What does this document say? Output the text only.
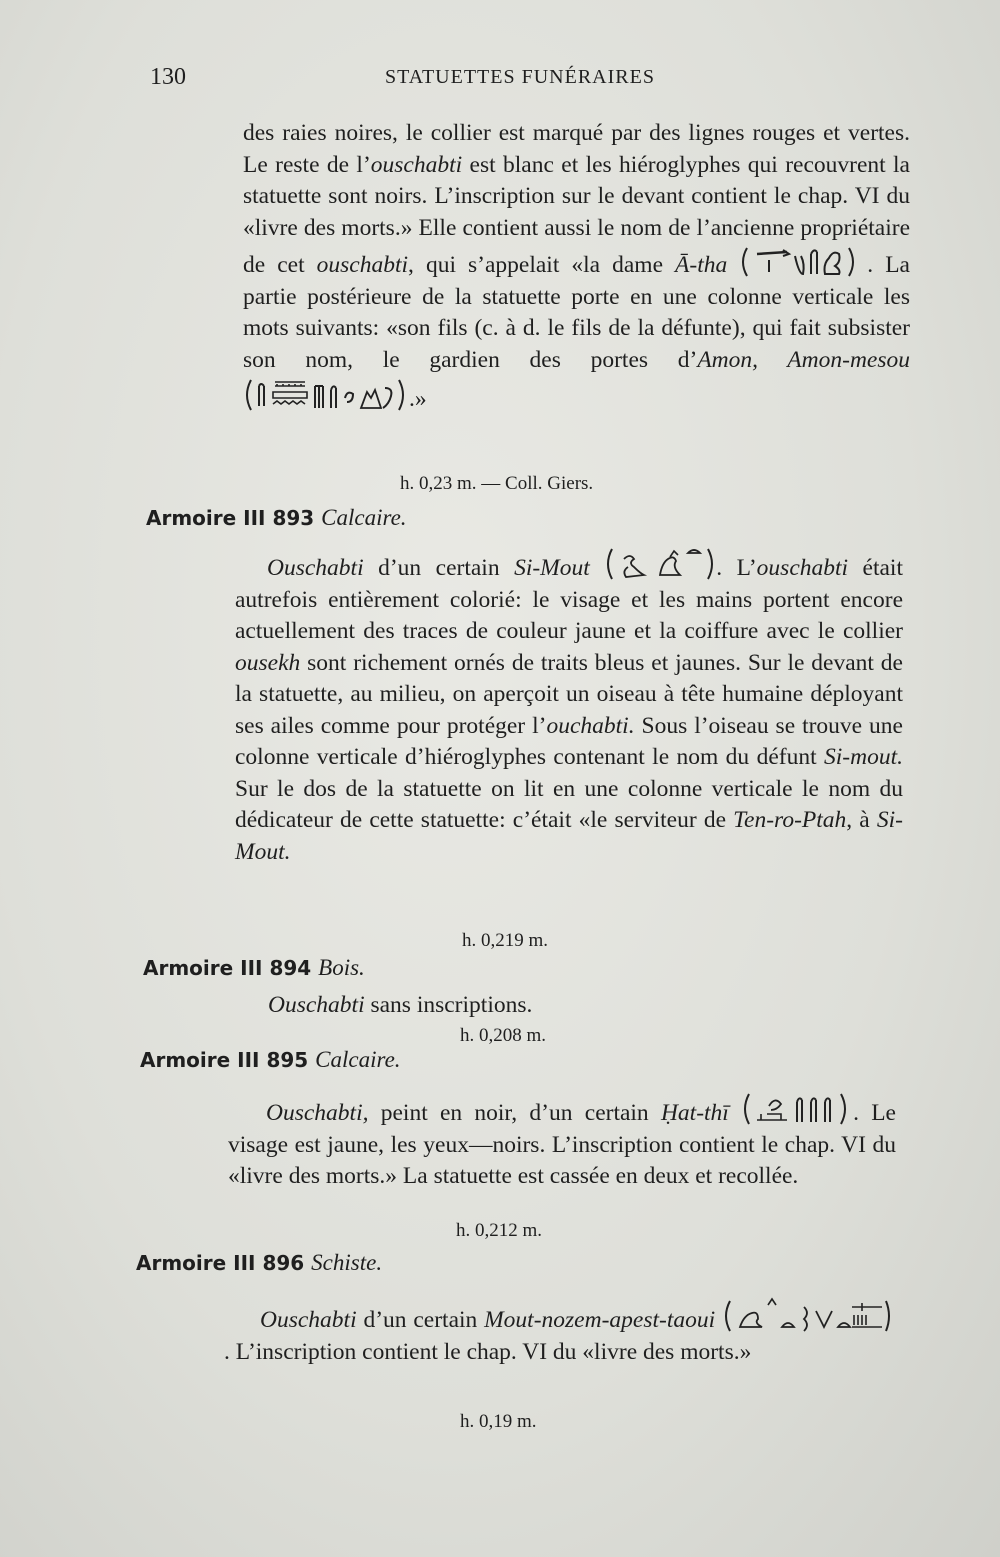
130	STATUETTES FUNÉRAIRES

des raies noires, le collier est marqué par des lignes rouges et vertes. Le reste de l’ouschabti est blanc et les hiéroglyphes qui recouvrent la statuette sont noirs. L’inscription sur le devant contient le chap. VI du «livre des morts.» Elle contient aussi le nom de l’ancienne propriétaire de cet ouschabti, qui s’appelait «la dame Ā-tha	. La partie postérieure de la statuette porte en une colonne verticale les mots suivants: «son fils (c. à d. le fils de la défunte), qui fait subsister son nom, le gardien des portes d’Amon, Amon-mesou
.»

h. 0,23 m. — Coll. Giers.

Armoire III 893 Calcaire.

Ouschabti d’un certain Si-Mout	. L’ouschabti était autrefois entièrement colorié: le visage et les mains portent encore actuellement des traces de couleur jaune et la coiffure avec le collier ousekh sont richement ornés de traits bleus et jaunes. Sur le devant de la statuette, au milieu, on aperçoit un oiseau à tête humaine déployant ses ailes comme pour protéger l’ouchabti. Sous l’oiseau se trouve une colonne verticale d’hiéroglyphes contenant le nom du défunt Si-mout. Sur le dos de la statuette on lit en une colonne verticale le nom du dédicateur de cette statuette: c’était «le serviteur de Ten-ro-Ptah, à Si-Mout.

h. 0,219 m.

Armoire III 894 Bois.

Ouschabti sans inscriptions.

h. 0,208 m.

Armoire III 895 Calcaire.

Ouschabti, peint en noir, d’un certain Ḥat-thī	. Le visage est jaune, les yeux—noirs. L’inscription contient le chap. VI du «livre des morts.» La statuette est cassée en deux et recollée.

h. 0,212 m.

Armoire III 896 Schiste.

Ouschabti d’un certain Mout-nozem-apest-taoui
. L’inscription contient le chap. VI du «livre des morts.»

h. 0,19 m.
